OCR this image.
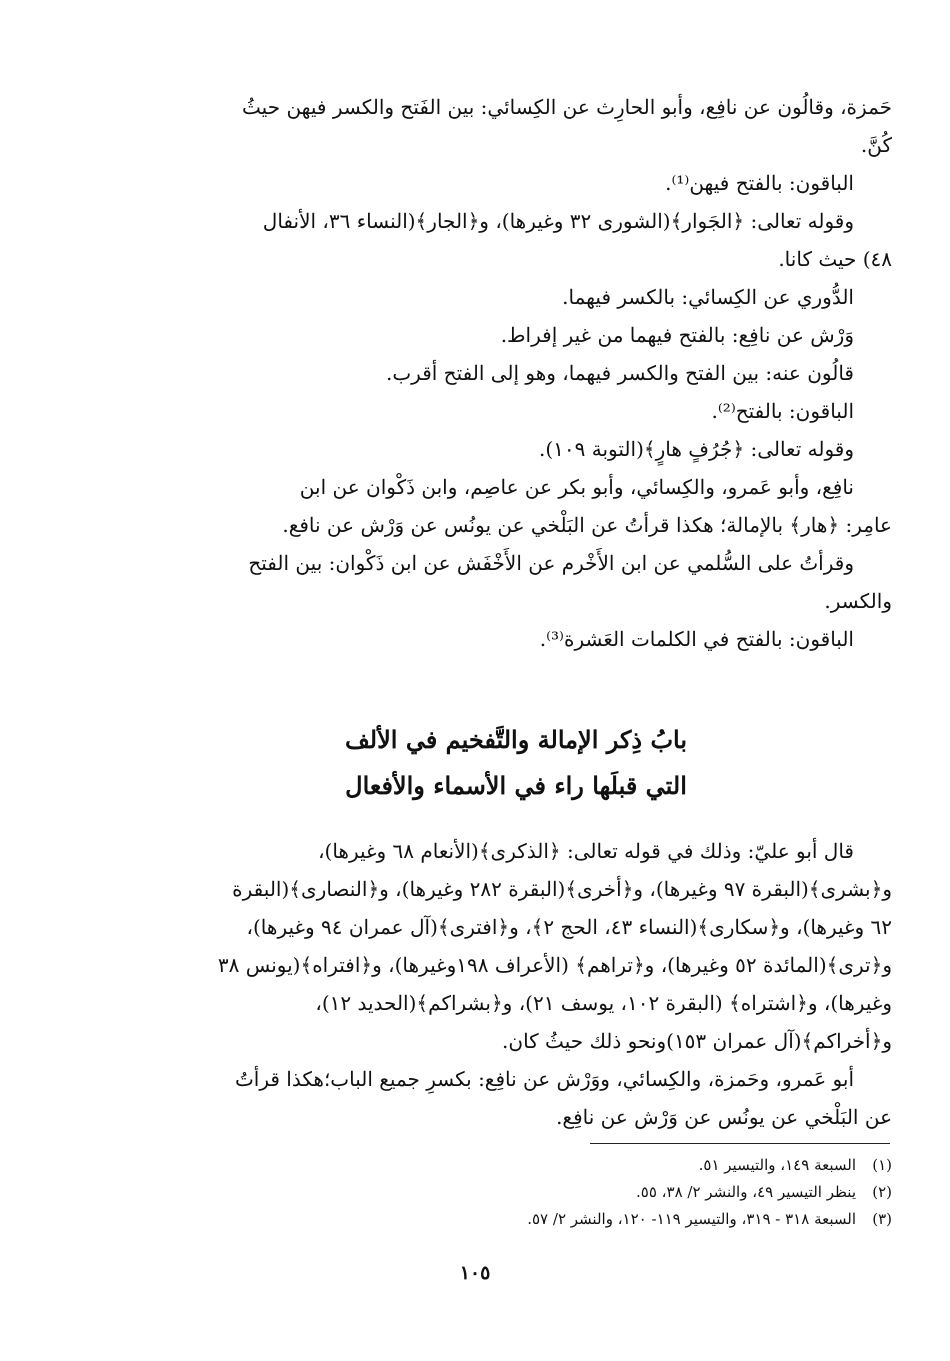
حَمزة، وقالُون عن نافِع، وأبو الحارِث عن الكِسائي: بين الفَتح والكسر فيهن حيثُ
كُنَّ.
الباقون: بالفتح فيهن⁽¹⁾.
وقوله تعالى: ﴿الجَوار﴾(الشورى ٣٢ وغيرها)، و﴿الجار﴾(النساء ٣٦، الأنفال
٤٨) حيث كانا.
الدُّوري عن الكِسائي: بالكسر فيهما.
وَرْش عن نافِع: بالفتح فيهما من غير إفراط.
قالُون عنه: بين الفتح والكسر فيهما، وهو إلى الفتح أقرب.
الباقون: بالفتح⁽²⁾.
وقوله تعالى: ﴿جُرُفٍ هارٍ﴾(التوبة ١٠٩).
نافِع، وأبو عَمرو، والكِسائي، وأبو بكر عن عاصِم، وابن ذَكْوان عن ابن
عامِر: ﴿هار﴾ بالإمالة؛ هكذا قرأتُ عن البَلْخي عن يونُس عن وَرْش عن نافع.
وقرأتُ على السُّلمي عن ابن الأَخْرم عن الأَخْفَش عن ابن ذَكْوان: بين الفتح
والكسر.
الباقون: بالفتح في الكلمات العَشرة⁽³⁾.
بابُ ذِكر الإمالة والتَّفخيم في الألف
التي قبلَها راء في الأسماء والأفعال
قال أبو عليّ: وذلك في قوله تعالى: ﴿الذكرى﴾(الأنعام ٦٨ وغيرها)،
و﴿بشرى﴾(البقرة ٩٧ وغيرها)، و﴿أخرى﴾(البقرة ٢٨٢ وغيرها)، و﴿النصارى﴾(البقرة
٦٢ وغيرها)، و﴿سكارى﴾(النساء ٤٣، الحج ٢﴾، و﴿افترى﴾(آل عمران ٩٤ وغيرها)،
و﴿ترى﴾(المائدة ٥٢ وغيرها)، و﴿تراهم﴾ (الأعراف ١٩٨وغيرها)، و﴿افتراه﴾(يونس ٣٨
وغيرها)، و﴿اشتراه﴾ (البقرة ١٠٢، يوسف ٢١)، و﴿بشراكم﴾(الحديد ١٢)،
و﴿أخراكم﴾(آل عمران ١٥٣)ونحو ذلك حيثُ كان.
أبو عَمرو، وحَمزة، والكِسائي، ووَرْش عن نافِع: بكسرِ جميع الباب؛هكذا قرأتُ
عن البَلْخي عن يونُس عن وَرْش عن نافِع.
(١)السبعة ١٤٩، والتيسير ٥١.
(٢)ينظر التيسير ٤٩، والنشر ٢/ ٣٨، ٥٥.
(٣)السبعة ٣١٨ - ٣١٩، والتيسير ١١٩- ١٢٠، والنشر ٢/ ٥٧.
١٠٥
